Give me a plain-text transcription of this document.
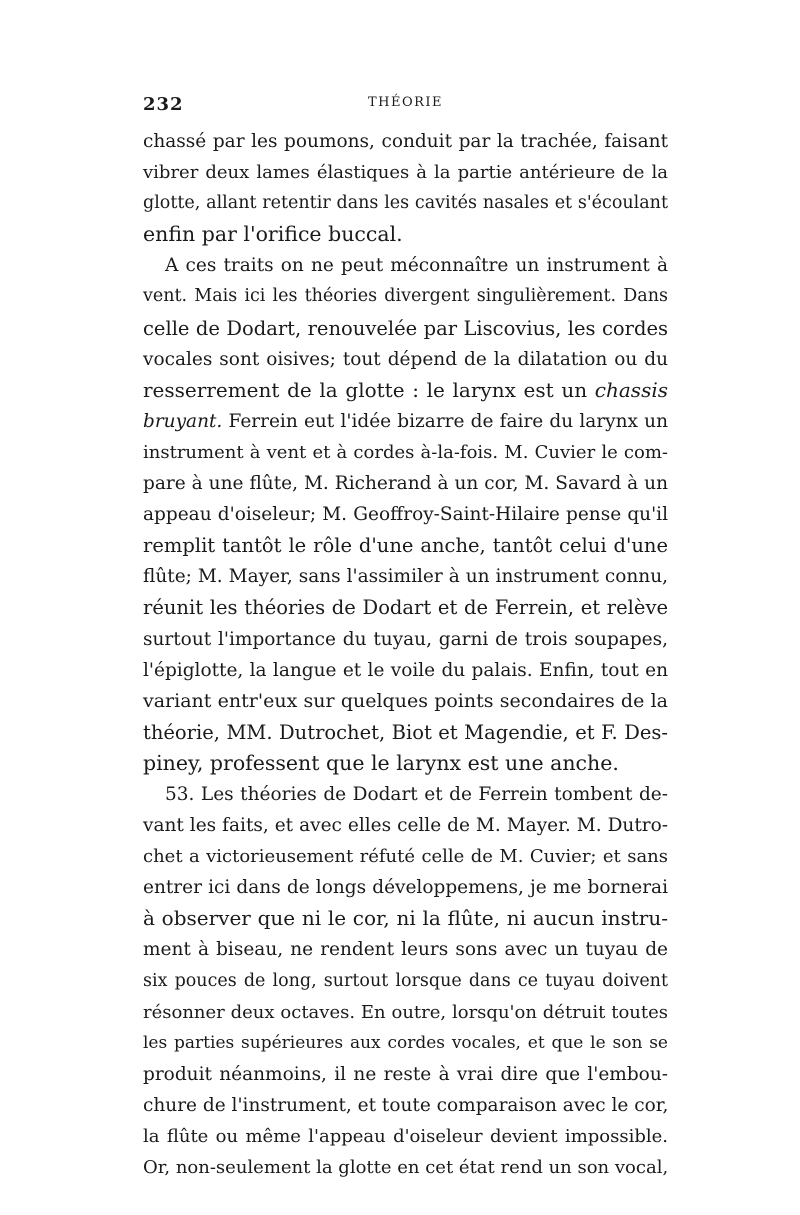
232	THÉORIE
chassé par les poumons, conduit par la trachée, faisant
vibrer deux lames élastiques à la partie antérieure de la
glotte, allant retentir dans les cavités nasales et s'écoulant
enfin par l'orifice buccal.
A ces traits on ne peut méconnaître un instrument à
vent. Mais ici les théories divergent singulièrement. Dans
celle de Dodart, renouvelée par Liscovius, les cordes
vocales sont oisives; tout dépend de la dilatation ou du
resserrement de la glotte : le larynx est un chassis
bruyant. Ferrein eut l'idée bizarre de faire du larynx un
instrument à vent et à cordes à-la-fois. M. Cuvier le com-
pare à une flûte, M. Richerand à un cor, M. Savard à un
appeau d'oiseleur; M. Geoffroy-Saint-Hilaire pense qu'il
remplit tantôt le rôle d'une anche, tantôt celui d'une
flûte; M. Mayer, sans l'assimiler à un instrument connu,
réunit les théories de Dodart et de Ferrein, et relève
surtout l'importance du tuyau, garni de trois soupapes,
l'épiglotte, la langue et le voile du palais. Enfin, tout en
variant entr'eux sur quelques points secondaires de la
théorie, MM. Dutrochet, Biot et Magendie, et F. Des-
piney, professent que le larynx est une anche.
53. Les théories de Dodart et de Ferrein tombent de-
vant les faits, et avec elles celle de M. Mayer. M. Dutro-
chet a victorieusement réfuté celle de M. Cuvier; et sans
entrer ici dans de longs développemens, je me bornerai
à observer que ni le cor, ni la flûte, ni aucun instru-
ment à biseau, ne rendent leurs sons avec un tuyau de
six pouces de long, surtout lorsque dans ce tuyau doivent
résonner deux octaves. En outre, lorsqu'on détruit toutes
les parties supérieures aux cordes vocales, et que le son se
produit néanmoins, il ne reste à vrai dire que l'embou-
chure de l'instrument, et toute comparaison avec le cor,
la flûte ou même l'appeau d'oiseleur devient impossible.
Or, non-seulement la glotte en cet état rend un son vocal,
